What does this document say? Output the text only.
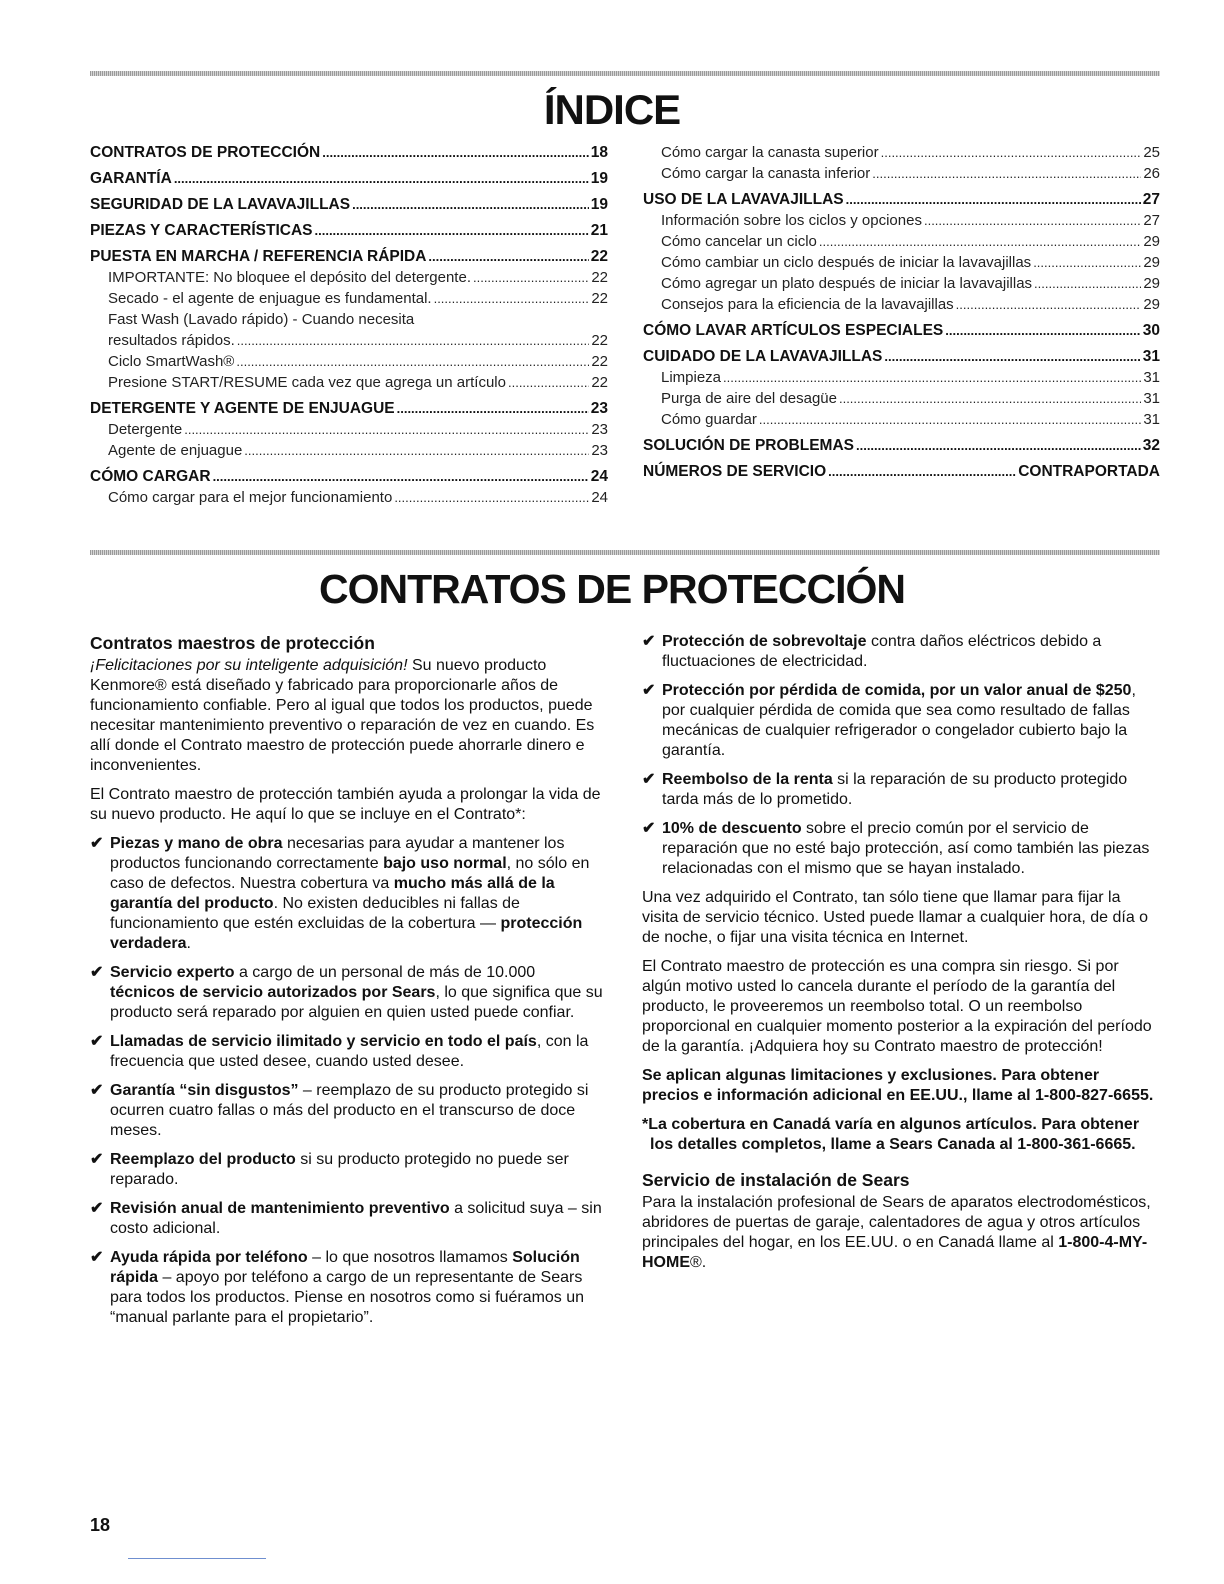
ÍNDICE
CONTRATOS DE PROTECCIÓN .....	18
GARANTÍA .....	19
SEGURIDAD DE LA LAVAVAJILLAS .....	19
PIEZAS Y CARACTERÍSTICAS .....	21
PUESTA EN MARCHA / REFERENCIA RÁPIDA .....	22
IMPORTANTE: No bloquee el depósito del detergente. .....	22
Secado - el agente de enjuague es fundamental. .....	22
Fast Wash (Lavado rápido) - Cuando necesita
resultados rápidos. .....	22
Ciclo SmartWash® .....	22
Presione START/RESUME cada vez que agrega un artículo .....	22
DETERGENTE Y AGENTE DE ENJUAGUE .....	23
Detergente .....	23
Agente de enjuague .....	23
CÓMO CARGAR .....	24
Cómo cargar para el mejor funcionamiento .....	24
Cómo cargar la canasta superior .....	25
Cómo cargar la canasta inferior .....	26
USO DE LA LAVAVAJILLAS .....	27
Información sobre los ciclos y opciones .....	27
Cómo cancelar un ciclo .....	29
Cómo cambiar un ciclo después de iniciar la lavavajillas .....	29
Cómo agregar un plato después de iniciar la lavavajillas .....	29
Consejos para la eficiencia de la lavavajillas .....	29
CÓMO LAVAR ARTÍCULOS ESPECIALES .....	30
CUIDADO DE LA LAVAVAJILLAS .....	31
Limpieza .....	31
Purga de aire del desagüe .....	31
Cómo guardar .....	31
SOLUCIÓN DE PROBLEMAS .....	32
NÚMEROS DE SERVICIO .....	CONTRAPORTADA
CONTRATOS DE PROTECCIÓN
Contratos maestros de protección

¡Felicitaciones por su inteligente adquisición! Su nuevo producto Kenmore® está diseñado y fabricado para proporcionarle años de funcionamiento confiable. Pero al igual que todos los productos, puede necesitar mantenimiento preventivo o reparación de vez en cuando. Es allí donde el Contrato maestro de protección puede ahorrarle dinero e inconvenientes.

El Contrato maestro de protección también ayuda a prolongar la vida de su nuevo producto. He aquí lo que se incluye en el Contrato*:

✔ Piezas y mano de obra necesarias para ayudar a mantener los productos funcionando correctamente bajo uso normal, no sólo en caso de defectos. Nuestra cobertura va mucho más allá de la garantía del producto. No existen deducibles ni fallas de funcionamiento que estén excluidas de la cobertura — protección verdadera.
✔ Servicio experto a cargo de un personal de más de 10.000 técnicos de servicio autorizados por Sears, lo que significa que su producto será reparado por alguien en quien usted puede confiar.
✔ Llamadas de servicio ilimitado y servicio en todo el país, con la frecuencia que usted desee, cuando usted desee.
✔ Garantía “sin disgustos” – reemplazo de su producto protegido si ocurren cuatro fallas o más del producto en el transcurso de doce meses.
✔ Reemplazo del producto si su producto protegido no puede ser reparado.
✔ Revisión anual de mantenimiento preventivo a solicitud suya – sin costo adicional.
✔ Ayuda rápida por teléfono – lo que nosotros llamamos Solución rápida – apoyo por teléfono a cargo de un representante de Sears para todos los productos. Piense en nosotros como si fuéramos un “manual parlante para el propietario”.
✔ Protección de sobrevoltaje contra daños eléctricos debido a fluctuaciones de electricidad.
✔ Protección por pérdida de comida, por un valor anual de $250, por cualquier pérdida de comida que sea como resultado de fallas mecánicas de cualquier refrigerador o congelador cubierto bajo la garantía.
✔ Reembolso de la renta si la reparación de su producto protegido tarda más de lo prometido.
✔ 10% de descuento sobre el precio común por el servicio de reparación que no esté bajo protección, así como también las piezas relacionadas con el mismo que se hayan instalado.

Una vez adquirido el Contrato, tan sólo tiene que llamar para fijar la visita de servicio técnico. Usted puede llamar a cualquier hora, de día o de noche, o fijar una visita técnica en Internet.

El Contrato maestro de protección es una compra sin riesgo. Si por algún motivo usted lo cancela durante el período de la garantía del producto, le proveeremos un reembolso total. O un reembolso proporcional en cualquier momento posterior a la expiración del período de la garantía. ¡Adquiera hoy su Contrato maestro de protección!

Se aplican algunas limitaciones y exclusiones. Para obtener precios e información adicional en EE.UU., llame al 1-800-827-6655.

*La cobertura en Canadá varía en algunos artículos. Para obtener los detalles completos, llame a Sears Canada al 1-800-361-6665.

Servicio de instalación de Sears

Para la instalación profesional de Sears de aparatos electrodomésticos, abridores de puertas de garaje, calentadores de agua y otros artículos principales del hogar, en los EE.UU. o en Canadá llame al 1-800-4-MY-HOME®.

18
